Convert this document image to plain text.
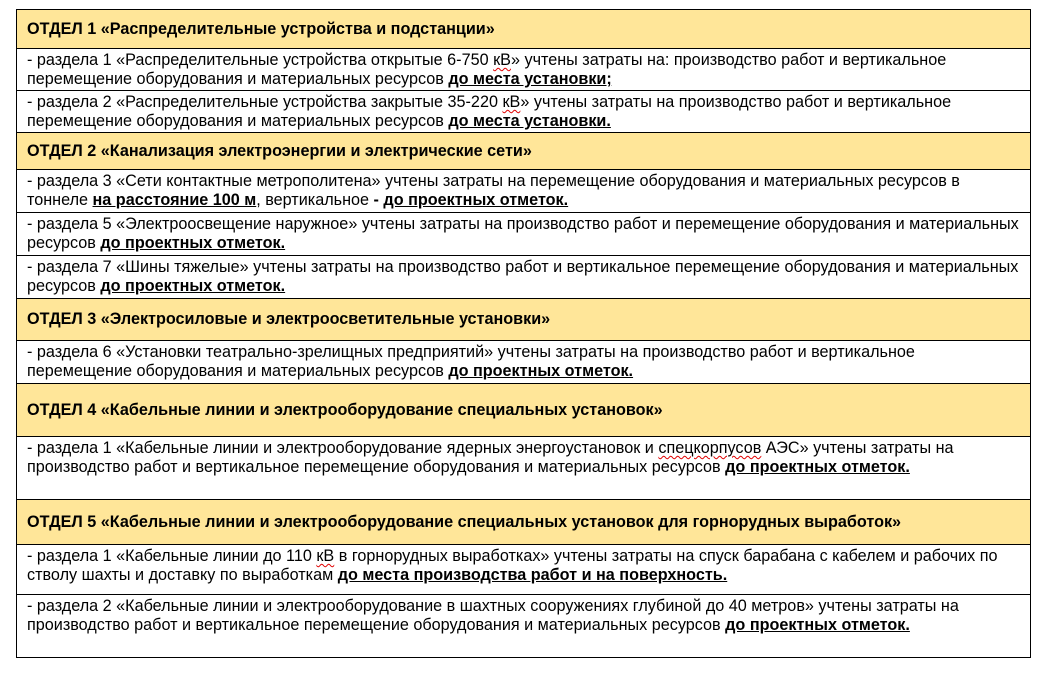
ОТДЕЛ 1 «Распределительные устройства и подстанции»
- раздела 1 «Распределительные устройства открытые 6-750 кВ» учтены затраты на: производство работ и вертикальное перемещение оборудования и материальных ресурсов до места установки;
- раздела 2 «Распределительные устройства закрытые 35-220 кВ» учтены затраты на производство работ и вертикальное перемещение оборудования и материальных ресурсов до места установки.
ОТДЕЛ 2 «Канализация электроэнергии и электрические сети»
- раздела 3 «Сети контактные метрополитена» учтены затраты на перемещение оборудования и материальных ресурсов в тоннеле на расстояние 100 м, вертикальное - до проектных отметок.
- раздела 5 «Электроосвещение наружное» учтены затраты на производство работ и перемещение оборудования и материальных ресурсов до проектных отметок.
- раздела 7 «Шины тяжелые» учтены затраты на производство работ и вертикальное перемещение оборудования и материальных ресурсов до проектных отметок.
ОТДЕЛ 3 «Электросиловые и электроосветительные установки»
- раздела 6 «Установки театрально-зрелищных предприятий» учтены затраты на производство работ и вертикальное перемещение оборудования и материальных ресурсов до проектных отметок.
ОТДЕЛ 4 «Кабельные линии и электрооборудование специальных установок»
- раздела 1 «Кабельные линии и электрооборудование ядерных энергоустановок и спецкорпусов АЭС» учтены затраты на производство работ и вертикальное перемещение оборудования и материальных ресурсов до проектных отметок.
ОТДЕЛ 5 «Кабельные линии и электрооборудование специальных установок для горнорудных выработок»
- раздела 1 «Кабельные линии до 110 кВ в горнорудных выработках» учтены затраты на спуск барабана с кабелем и рабочих по стволу шахты и доставку по выработкам до места производства работ и на поверхность.
- раздела 2 «Кабельные линии и электрооборудование в шахтных сооружениях глубиной до 40 метров» учтены затраты на производство работ и вертикальное перемещение оборудования и материальных ресурсов до проектных отметок.
